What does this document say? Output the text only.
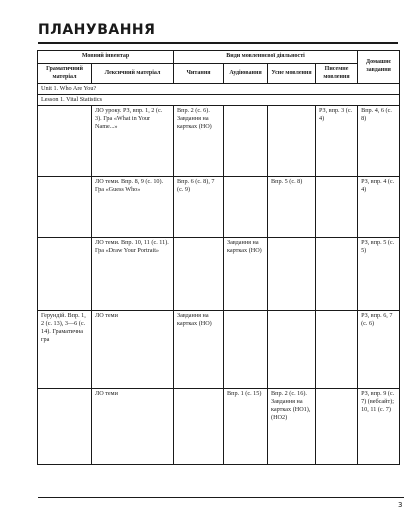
ПЛАНУВАННЯ
Мовний інвентар		Види мовленнєвої діяльності				Домашнє завдання
Граматичний матеріал	Лексичний матеріал	Читання	Аудіювання	Усне мовлення	Писемне мовлення	
Unit 1. Who Are You?						
Lesson 1. Vital Statistics						
	ЛО уроку. РЗ, впр. 1, 2 (с. 3). Гра «What in Your Name...»	Впр. 2 (с. 6). Завдання на картках (НО)			РЗ, впр. 3 (с. 4)	Впр. 4, 6 (с. 8)
	ЛО теми. Впр. 8, 9 (с. 10). Гра «Guess Who»	Впр. 6 (с. 8), 7 (с. 9)		Впр. 5 (с. 8)		РЗ, впр. 4 (с. 4)
	ЛО теми. Впр. 10, 11 (с. 11). Гра «Draw Your Portrait»		Завдання на картках (НО)			РЗ, впр. 5 (с. 5)
Герундій. Впр. 1, 2 (с. 13), 3—6 (с. 14). Граматична гра	ЛО теми	Завдання на картках (НО)				РЗ, впр. 6, 7 (с. 6)
	ЛО теми		Впр. 1 (с. 15)	Впр. 2 (с. 16). Завдання на картках (НО1), (НО2)		РЗ, впр. 9 (с. 7) (вебсайт); 10, 11 (с. 7)
3
